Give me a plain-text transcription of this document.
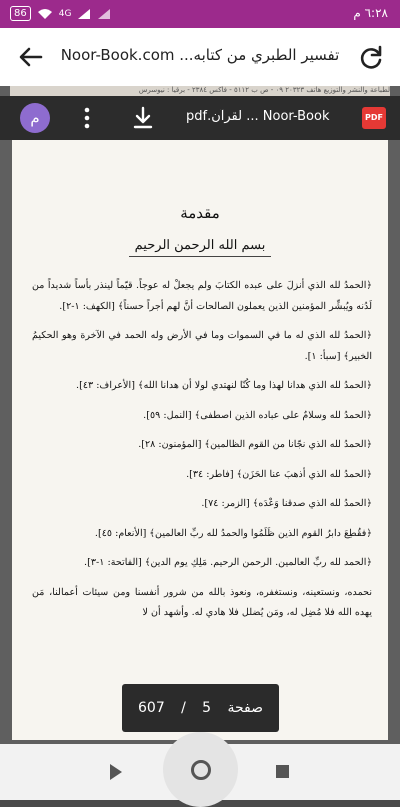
86	4G	٦:٢٨ م
تفسير الطبري من كتابه... Noor-Book.com
لطباعة والنشر والتوزيع هاتف ٢٠٣٢٣ ٠٩ - ص ب ٥١١٢ - فاكس ٢٣٨٤ - برقيا : نيوسرس
م	Noor-Book ... لقرآن.pdf	PDF
مقدمة
بسم الله الرحمن الرحيم

﴿الحمدُ لله الذي أنزلَ على عبده الكتابَ ولم يجعلْ له عوجاً. قيّماً لينذر بأساً شديداً من لَدُنه ويُبشِّر المؤمنين الذين يعملون الصالحات أنَّ لهم أجراً حسناً﴾ [الكهف: ١-٢].

﴿الحمدُ لله الذي له ما في السموات وما في الأرض وله الحمد في الآخرة وهو الحكيمُ الخبير﴾ [سبأ: ١].

﴿الحمدُ لله الذي هدانا لهذا وما كُنّا لنهتدي لولا أن هدانا الله﴾ [الأعراف: ٤٣].

﴿الحمدُ لله وسلامٌ على عباده الذين اصطفى﴾ [النمل: ٥٩].

﴿الحمدُ لله الذي نجّانا من القوم الظالمين﴾ [المؤمنون: ٢٨].

﴿الحمدُ لله الذي أذهبَ عنا الحَزَن﴾ [فاطر: ٣٤].

﴿الحمدُ لله الذي صدقنا وَعْدَه﴾ [الزمر: ٧٤].

﴿فقُطِعَ دابرُ القوم الذين ظَلَمُوا والحمدُ لله ربِّ العالمين﴾ [الأنعام: ٤٥].

﴿الحمد لله ربِّ العالمين. الرحمن الرحيم. مَلِكِ يوم الدين﴾ [الفاتحة: ١-٣].

نحمده، ونستعينه، ونستغفره، ونعوذ بالله من شرور أنفسنا ومن سيئات أعمالنا، مَن يهده الله فلا مُضِل له، ومَن يُضلل فلا هادي له. وأشهد أن لا

607 / 5 صفحة
